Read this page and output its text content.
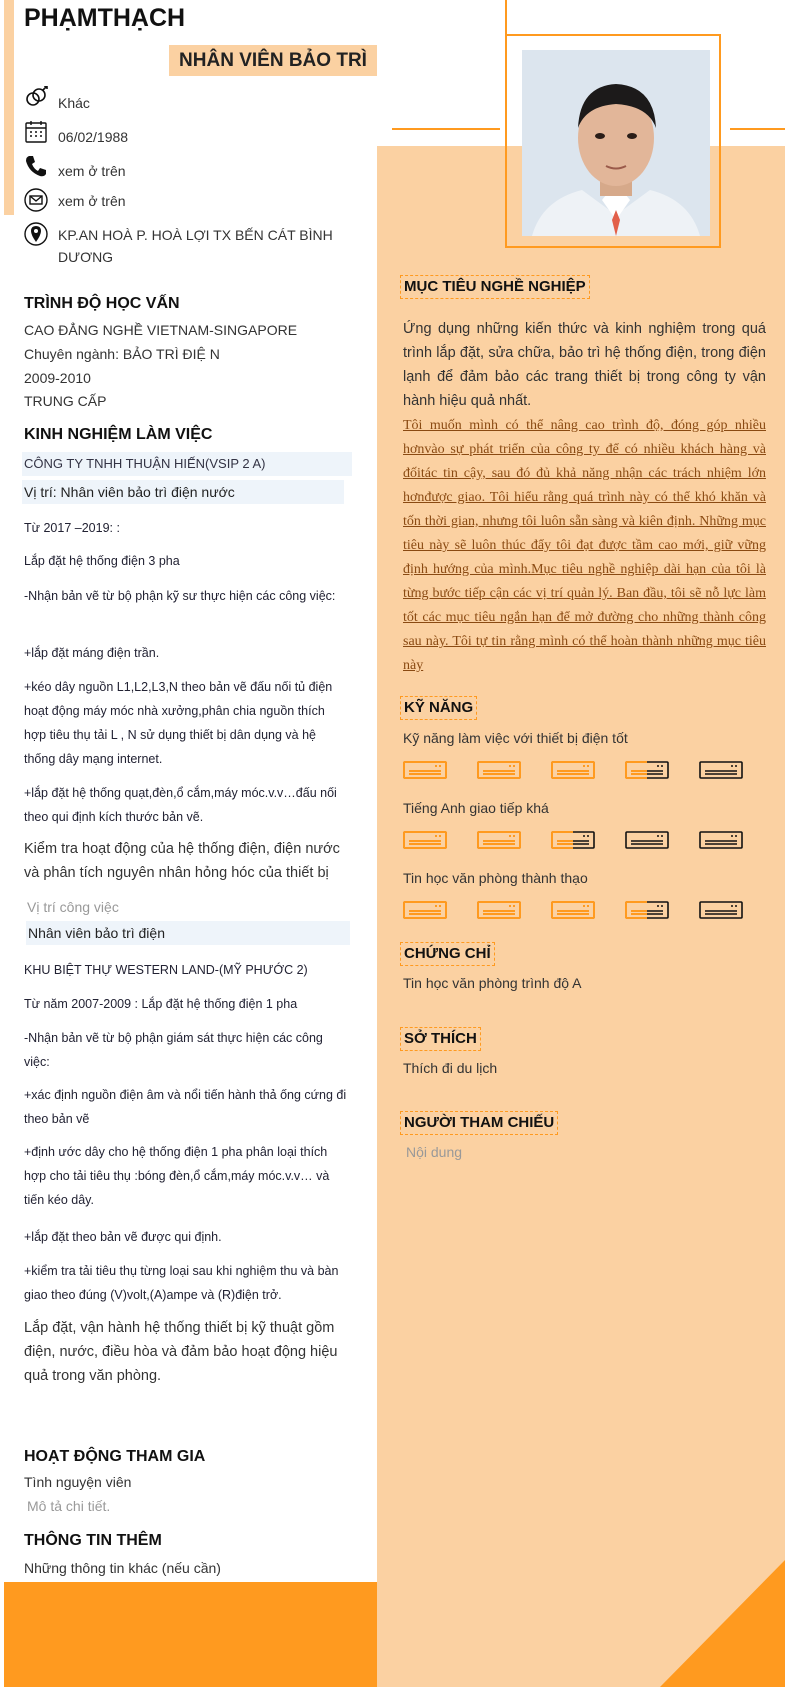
PHẠMTHẠCH
NHÂN VIÊN BẢO TRÌ
Khác
06/02/1988
xem ở trên
xem ở trên
KP.AN HOÀ P. HOÀ LỢI TX BẾN CÁT BÌNH DƯƠNG
TRÌNH ĐỘ HỌC VẤN
CAO ĐẲNG NGHỀ VIETNAM-SINGAPORE
Chuyên ngành: BẢO TRÌ ĐIỆ N
2009-2010
TRUNG CẤP
KINH NGHIỆM LÀM VIỆC
CÔNG TY TNHH THUẬN HIẾN(VSIP 2 A)
Vị trí: Nhân viên bảo trì điện nước
Từ 2017 –2019: :
Lắp đặt hệ thống điện 3 pha
-Nhận bản vẽ từ bộ phận kỹ sư thực hiện các công việc:
+lắp đặt máng điện trần.
+kéo dây nguồn L1,L2,L3,N theo bản vẽ đấu nối tủ điện hoạt động máy móc nhà xưởng,phân chia nguồn thích hợp tiêu thụ tải L , N sử dụng thiết bị dân dụng và hệ thống dây mạng internet.
+lắp đặt hệ thống quạt,đèn,ổ cắm,máy móc.v.v…đấu nối theo qui định kích thước bản vẽ.
Kiểm tra hoạt động của hệ thống điện, điện nước và phân tích nguyên nhân hỏng hóc của thiết bị
Vị trí công việc
Nhân viên bảo trì điện
KHU BIỆT THỰ WESTERN LAND-(MỸ PHƯỚC 2)
Từ năm 2007-2009 : Lắp đặt hệ thống điện 1 pha
-Nhận bản vẽ từ bộ phận giám sát thực hiện các công việc:
+xác định nguồn điện âm và nổi tiến hành thả ống cứng đi theo bản vẽ
+định ước dây cho hệ thống điện 1 pha phân loại thích hợp cho tải tiêu thụ :bóng đèn,ổ cắm,máy móc.v.v… và tiến kéo dây.
+lắp đặt theo bản vẽ được qui định.
+kiểm tra tải tiêu thụ từng loại sau khi nghiệm thu và bàn giao theo đúng (V)volt,(A)ampe và (R)điện trở.
Lắp đặt, vận hành hệ thống thiết bị kỹ thuật gồm điện, nước, điều hòa và đảm bảo hoạt động hiệu quả trong văn phòng.
HOẠT ĐỘNG THAM GIA
Tình nguyện viên
Mô tả chi tiết.
THÔNG TIN THÊM
Những thông tin khác (nếu cần)
MỤC TIÊU NGHỀ NGHIỆP
Ứng dụng những kiến thức và kinh nghiệm trong quá trình lắp đặt, sửa chữa, bảo trì hệ thống điện, trong điện lạnh để đảm bảo các trang thiết bị trong công ty vận hành hiệu quả nhất.
Tôi muốn mình có thể nâng cao trình độ, đóng góp nhiều hơnvào sự phát triển của công ty để có nhiều khách hàng và đốitác tin cậy, sau đó đủ khả năng nhận các trách nhiệm lớn hơnđược giao. Tôi hiểu rằng quá trình này có thể khó khăn và tốn thời gian, nhưng tôi luôn sẵn sàng và kiên định. Những mục tiêu này sẽ luôn thúc đẩy tôi đạt được tầm cao mới, giữ vững định hướng của mình.Mục tiêu nghề nghiệp dài hạn của tôi là từng bước tiếp cận các vị trí quản lý. Ban đầu, tôi sẽ nỗ lực làm tốt các mục tiêu ngắn hạn để mở đường cho những thành công sau này. Tôi tự tin rằng mình có thể hoàn thành những mục tiêu này
KỸ NĂNG
Kỹ năng làm việc với thiết bị điện tốt
Tiếng Anh giao tiếp khá
Tin học văn phòng thành thạo
CHỨNG CHỈ
Tin học văn phòng trình độ A
SỞ THÍCH
Thích đi du lịch
NGƯỜI THAM CHIẾU
Nội dung
